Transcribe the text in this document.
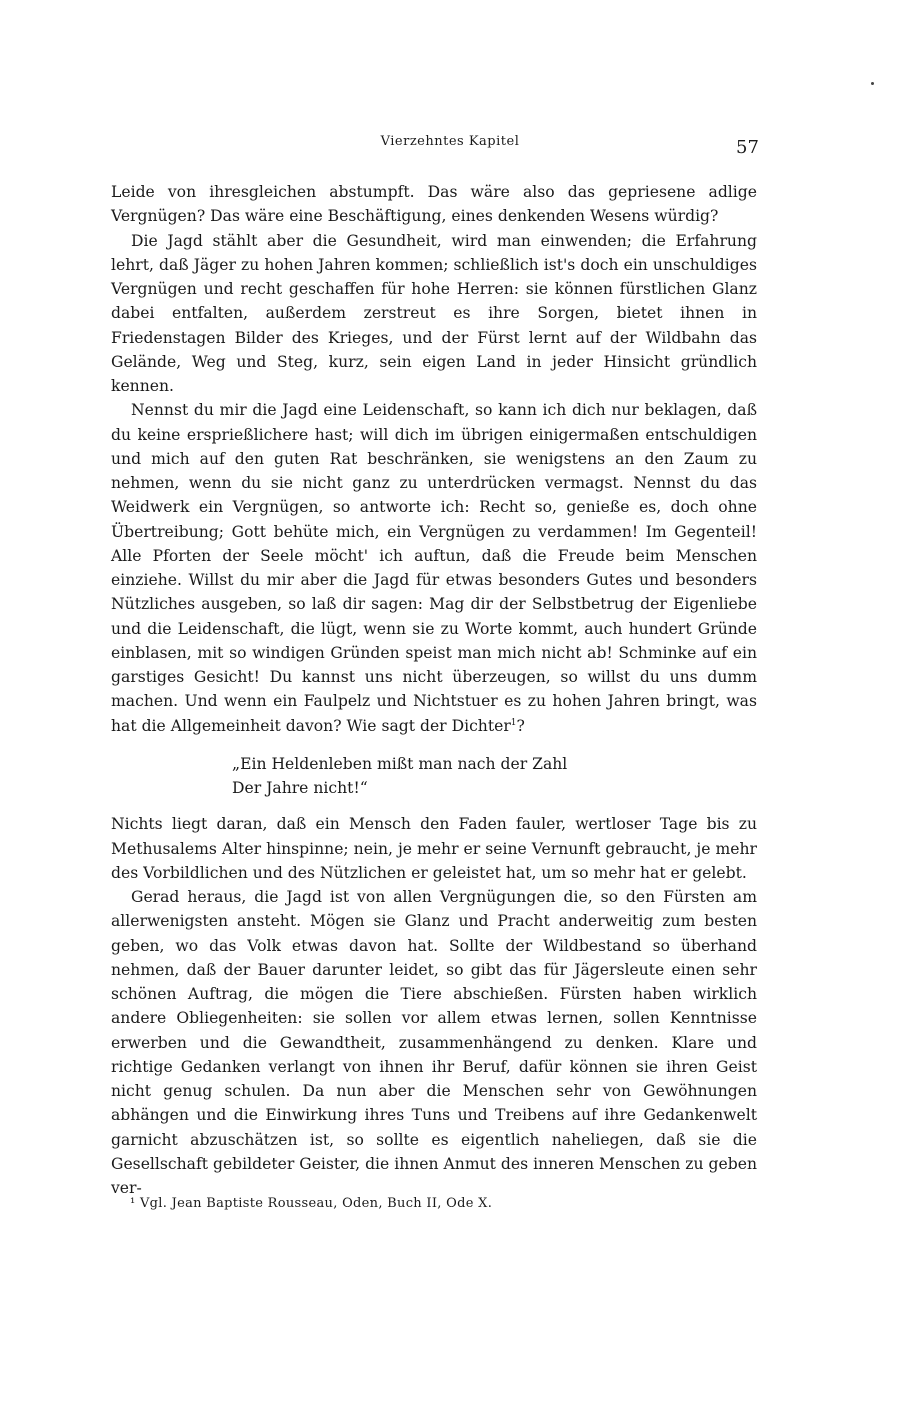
Vierzehntes Kapitel	57

Leide von ihresgleichen abstumpft. Das wäre also das gepriesene adlige Vergnügen? Das wäre eine Beschäftigung, eines denkenden Wesens würdig?

Die Jagd stählt aber die Gesundheit, wird man einwenden; die Erfahrung lehrt, daß Jäger zu hohen Jahren kommen; schließlich ist's doch ein unschuldiges Vergnügen und recht geschaffen für hohe Herren: sie können fürstlichen Glanz dabei entfalten, außerdem zerstreut es ihre Sorgen, bietet ihnen in Friedenstagen Bilder des Krieges, und der Fürst lernt auf der Wildbahn das Gelände, Weg und Steg, kurz, sein eigen Land in jeder Hinsicht gründlich kennen.

Nennst du mir die Jagd eine Leidenschaft, so kann ich dich nur beklagen, daß du keine ersprießlichere hast; will dich im übrigen einigermaßen entschuldigen und mich auf den guten Rat beschränken, sie wenigstens an den Zaum zu nehmen, wenn du sie nicht ganz zu unterdrücken vermagst. Nennst du das Weidwerk ein Vergnügen, so antworte ich: Recht so, genieße es, doch ohne Übertreibung; Gott behüte mich, ein Vergnügen zu verdammen! Im Gegenteil! Alle Pforten der Seele möcht' ich auftun, daß die Freude beim Menschen einziehe. Willst du mir aber die Jagd für etwas besonders Gutes und besonders Nützliches ausgeben, so laß dir sagen: Mag dir der Selbstbetrug der Eigenliebe und die Leidenschaft, die lügt, wenn sie zu Worte kommt, auch hundert Gründe einblasen, mit so windigen Gründen speist man mich nicht ab! Schminke auf ein garstiges Gesicht! Du kannst uns nicht überzeugen, so willst du uns dumm machen. Und wenn ein Faulpelz und Nichtstuer es zu hohen Jahren bringt, was hat die Allgemeinheit davon? Wie sagt der Dichter$^1$?

„Ein Heldenleben mißt man nach der Zahl
Der Jahre nicht!“

Nichts liegt daran, daß ein Mensch den Faden fauler, wertloser Tage bis zu Methusalems Alter hinspinne; nein, je mehr er seine Vernunft gebraucht, je mehr des Vorbildlichen und des Nützlichen er geleistet hat, um so mehr hat er gelebt.

Gerad heraus, die Jagd ist von allen Vergnügungen die, so den Fürsten am allerwenigsten ansteht. Mögen sie Glanz und Pracht anderweitig zum besten geben, wo das Volk etwas davon hat. Sollte der Wildbestand so überhand nehmen, daß der Bauer darunter leidet, so gibt das für Jägersleute einen sehr schönen Auftrag, die mögen die Tiere abschießen. Fürsten haben wirklich andere Obliegenheiten: sie sollen vor allem etwas lernen, sollen Kenntnisse erwerben und die Gewandtheit, zusammenhängend zu denken. Klare und richtige Gedanken verlangt von ihnen ihr Beruf, dafür können sie ihren Geist nicht genug schulen. Da nun aber die Menschen sehr von Gewöhnungen abhängen und die Einwirkung ihres Tuns und Treibens auf ihre Gedankenwelt garnicht abzuschätzen ist, so sollte es eigentlich naheliegen, daß sie die Gesellschaft gebildeter Geister, die ihnen Anmut des inneren Menschen zu geben ver-

¹ Vgl. Jean Baptiste Rousseau, Oden, Buch II, Ode X.
